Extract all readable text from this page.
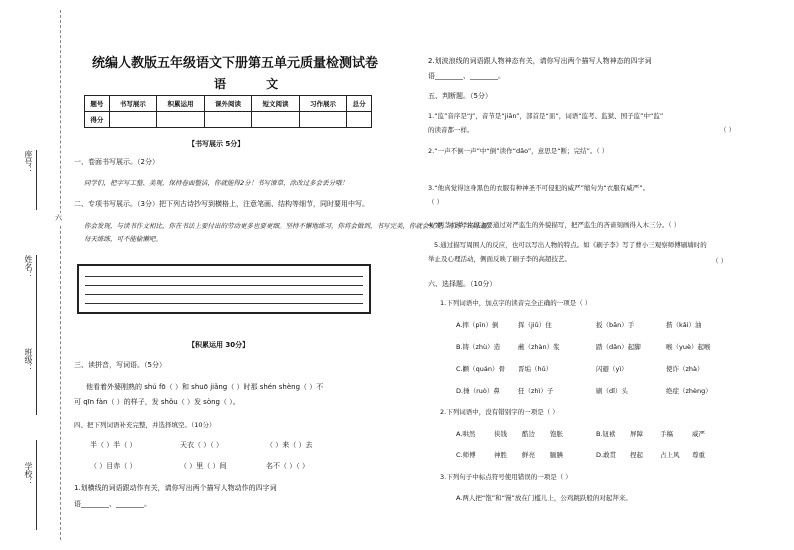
六
座号：
姓名：
班级：
学校：
统编人教版五年级语文下册第五单元质量检测试卷
语 文
题号	书写展示	积累运用	课外阅读	短文阅读	习作展示	总分
得分						
【书写展示 5分】
一、卷面书写展示。（2分）
同学们，把字写工整、美观，保持卷面整洁，你就能得2分！书写潦草，涂改过多会丢分哦！
二、专项书写展示。（3分）把下列古诗抄写到横格上，注意笔画、结构等细节，同时要用中写。
你会发现，与读书作文相比，你在书法上要付出的劳动更多也要更细。坚持不懈地练习，你将会做到，书写完美，你就会发现，写好字的乐趣。
每天练练，可不能偷懒吧。
【积累运用 30分】
三、读拼音，写词语。（5分）
他看着外婆刚熟的 shú fō（ ）和 shuō jiǎng（ ）时那 shén shèng（ ）不
可 qīn fàn（ ）的样子，发 shǒu（ ）发 sòng（ ）。
四、把下列词语补充完整，并选择填空。（10分）
半（ ）半（ ）	天衣（ ）（ ）	（ ）来（ ）去
（ ）目赤（ ）	（ ）里（ ）间	名不（ ）（ ）
1.划横线的词语跟动作有关，请你写出两个描写人物动作的四字词
语________、________。
2.划波浪线的词语跟人物神态有关，请你写出两个描写人物神态的四字词
语________、________。
五、判断题。（5分）
1.“监”音序是“J”，音节是“jiān”，部首是“皿”，词语“监考、监狱、国子监”中“监”
的读音都一样。	（ ）
2.“一声不倒一声”中“倒”读作“dǎo”，意思是“断；完结”。（ ）
3.“他真觉得这身黑色的衣服有种神圣不可侵犯的威严”缩句为“衣服有威严”。
（ ）
4.“两茎灯草”片段主要通过对严监生的外貌描写，把严监生的吝啬刻画得入木三分。（ ）
5.通过描写周围人的反应，也可以写出人物的特点。如《刷子李》写了曹小三观察师傅刷墙时的
举止及心理活动，侧面反映了刷子李的高超技艺。	（ ）
六、选择题。（10分）
1.下列词语中，加点字的读音完全正确的一项是（ ）
A.摔（pīn）倒	挥（jiǔ）住	扳（bān）手	揩（kǎi）油
B.铸（zhù）造	蘸（zhàn）浆	踏（dǎn）起脚	喉（yuè）起喉
C.颧（quán）骨 晋垢（hǔ）	闪避（yì）	使诈（zhà）
D.捶（ruò）鼻	狂（zhì）子	刷（dǐ）头	绝症（zhèng）
2.下列词语中，没有错别字的一项是（ ）
A.哄然	侠钱 酷边 饱胀	B.钮袱 屏障	手稿	威严
C.师傅	神胜 鲜亮 腼腆	D.敢贯 捏起	占上风 尊重
3.下列句子中标点符号使用错误的一项是（ ）
A.两人把“饱”和“馒”放在门槛儿上，公鸡跳跃般的对起拜来。
